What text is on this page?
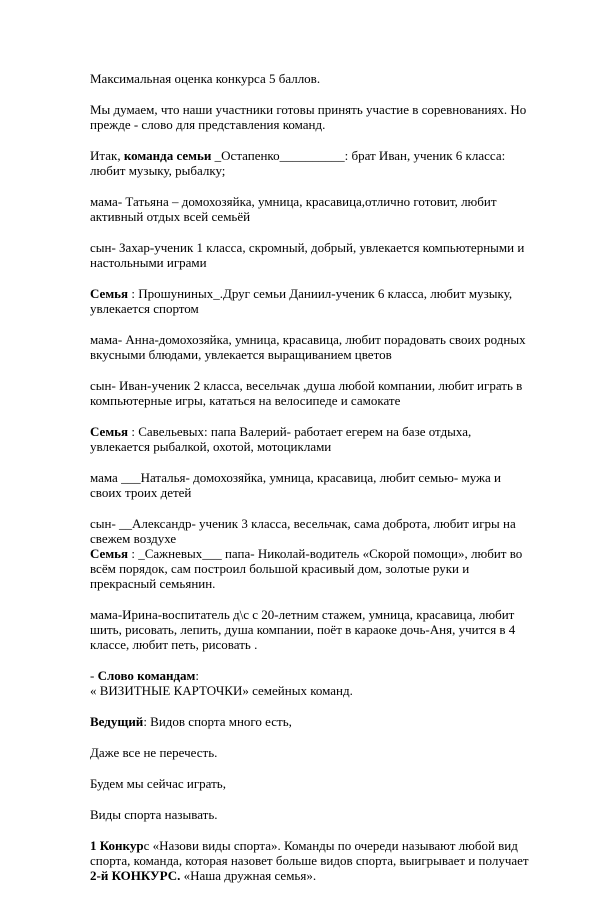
Максимальная оценка конкурса 5 баллов.

Мы думаем, что наши участники готовы принять участие в соревнованиях. Но прежде - слово для представления команд.

Итак, команда семьи _Остапенко__________: брат Иван, ученик 6 класса: любит музыку, рыбалку;

мама- Татьяна – домохозяйка, умница, красавица,отлично готовит, любит активный отдых всей семьёй

сын- Захар-ученик 1 класса, скромный, добрый, увлекается компьютерными и настольными играми

Семья : Прошуниных_.Друг семьи Даниил-ученик 6 класса, любит музыку, увлекается спортом

мама- Анна-домохозяйка, умница, красавица, любит порадовать своих родных вкусными блюдами, увлекается выращиванием цветов

сын- Иван-ученик 2 класса, весельчак ,душа любой компании, любит играть в компьютерные игры, кататься на велосипеде и самокате

Семья : Савельевых: папа Валерий- работает егерем на базе отдыха, увлекается рыбалкой, охотой, мотоциклами

мама ___Наталья- домохозяйка, умница, красавица, любит семью- мужа и своих троих детей

сын- __Александр- ученик 3 класса, весельчак, сама доброта, любит игры на свежем воздухе

Семья : _Сажневых___ папа- Николай-водитель «Скорой помощи», любит во всём порядок, сам построил большой красивый дом, золотые руки и прекрасный семьянин.

мама-Ирина-воспитатель д\с с 20-летним стажем, умница, красавица, любит шить, рисовать, лепить, душа компании, поёт в караоке дочь-Аня, учится в 4 классе, любит петь, рисовать .

- Слово командам:
« ВИЗИТНЫЕ КАРТОЧКИ» семейных команд.

Ведущий: Видов спорта много есть,

Даже все не перечесть.

Будем мы сейчас играть,

Виды спорта называть.

1 Конкурс «Назови виды спорта». Команды по очереди называют любой вид спорта, команда, которая назовет больше видов спорта, выигрывает и получает

2-й КОНКУРС. «Наша дружная семья».
